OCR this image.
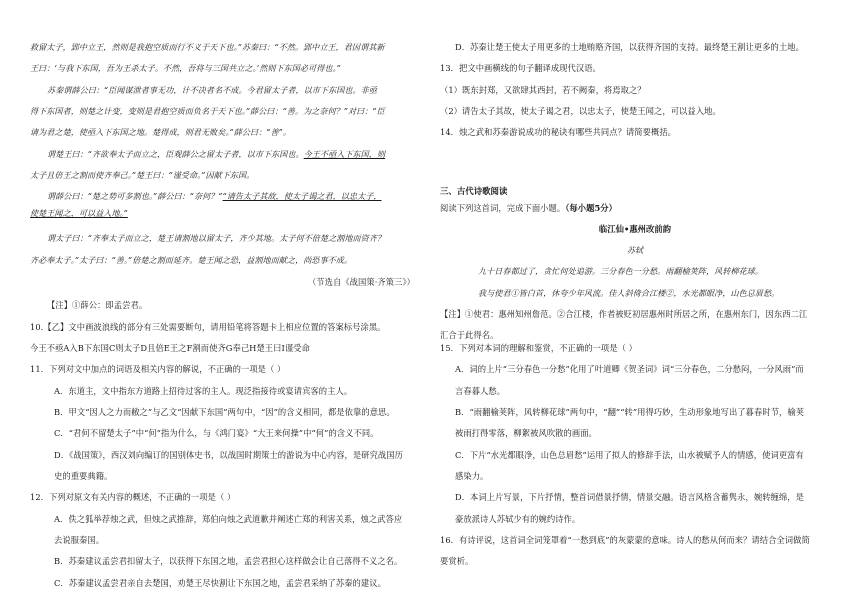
救留太子，郢中立王，然则是我抱空质而行不义于天下也。”苏秦曰：“不然。郢中立王，君因谓其新
王曰：‘与我下东国，吾为王杀太子。不然，吾将与三国共立之。’然则下东国必可得也。”
苏秦谓薛公曰：“臣闻谋泄者事无功，计不决者名不成。今君留太子者，以市下东国也。非亟
得下东国者，则楚之计变，变则是君抱空质而负名于天下也。”薛公曰：“善。为之奈何？”对曰：“臣
请为君之楚，使亟入下东国之地。楚得成，则君无败矣。”薛公曰：“善”。
谓楚王曰：“齐欲奉太子而立之，臣观薛公之留太子者，以市下东国也。今王不亟入下东国，则
太子且倍王之割而使齐奉己。”楚王曰：“谨受命。”因献下东国。
谓薛公曰：“楚之势可多割也。”薛公曰：“奈何？”“请告太子其故，使太子谒之君，以忠太子，
使楚王闻之，可以益入地。”
谓太子曰：“齐奉太子而立之，楚王请割地以留太子，齐少其地。太子何不倍楚之割地而资齐？
齐必奉太子。”太子曰：“善。”倍楚之割而延齐。楚王闻之恐，益割地而献之，尚恐事不成。
（节选自《战国策·齐策三》）
【注】①薛公：即孟尝君。
10.【乙】文中画波浪线的部分有三处需要断句，请用铅笔将答题卡上相应位置的答案标号涂黑。
今王不亟A入B下东国C则太子D且倍E王之F割而使齐G奉己H楚王曰I谨受命
11．下列对文中加点的词语及相关内容的解说，不正确的一项是（ ）
A．东道主，文中指东方道路上招待过客的主人。现泛指接待或宴请宾客的主人。
B．甲文“因人之力而敝之”与乙文“因献下东国”两句中，“因”的含义相同，都是依靠的意思。
C．“君何不留楚太子”中“何”指为什么，与《鸿门宴》“大王来何操”中“何”的含义不同。
D．《战国策》，西汉刘向编订的国别体史书，以战国时期策士的游说为中心内容，是研究战国历
史的重要典籍。
12．下列对原文有关内容的概述，不正确的一项是（ ）
A．佚之狐举荐烛之武，但烛之武推辞，郑伯向烛之武道歉并阐述亡郑的利害关系，烛之武答应
去说服秦国。
B．苏秦建议孟尝君扣留太子，以获得下东国之地，孟尝君担心这样做会让自己落得不义之名。
C．苏秦建议孟尝君亲自去楚国，劝楚王尽快割让下东国之地，孟尝君采纳了苏秦的建议。
D．苏秦让楚王使太子用更多的土地贿赂齐国，以获得齐国的支持。最终楚王割让更多的土地。
13．把文中画横线的句子翻译成现代汉语。
（1）既东封郑，又欲肆其西封，若不阙秦，将焉取之？
（2）请告太子其故，使太子谒之君，以忠太子，使楚王闻之，可以益入地。
14．烛之武和苏秦游说成功的秘诀有哪些共同点？请简要概括。
三、古代诗歌阅读
阅读下列这首词，完成下面小题。（每小题5分）
临江仙•惠州改前韵
苏轼
九十日春都过了，贪忙何处追游。三分春色一分愁。雨翻榆荚阵，风转柳花球。
我与使君①皆白首，休夸少年风流。佳人斜倚合江楼②，水光都眼净，山色总眉愁。
【注】①使君：惠州知州詹范。②合江楼，作者被贬初居惠州时所居之所，在惠州东门，因东西二江
汇合于此得名。
15．下列对本词的理解和鉴赏，不正确的一项是（ ）
A．词的上片“三分春色一分愁”化用了叶道卿《贺圣词》词“三分春色，二分愁闷，一分风雨”而
言春暮人愁。
B．“雨翻榆荚阵，风转柳花球”两句中，“翻”“转”用得巧妙，生动形象地写出了暮春时节，榆荚
被雨打得零落，柳絮被风吹散的画面。
C．下片“水光都眼净，山色总眉愁”运用了拟人的修辞手法，山水被赋予人的情感，使词更富有
感染力。
D．本词上片写景，下片抒情，整首词借景抒情，情景交融。语言风格含蓄隽永，婉转缠绵，是
豪放派诗人苏轼少有的婉约诗作。
16．有诗评说，这首词全词笼罩着“一愁到底”的灰蒙蒙的意味。诗人的愁从何而来？请结合全词做简
要赏析。
